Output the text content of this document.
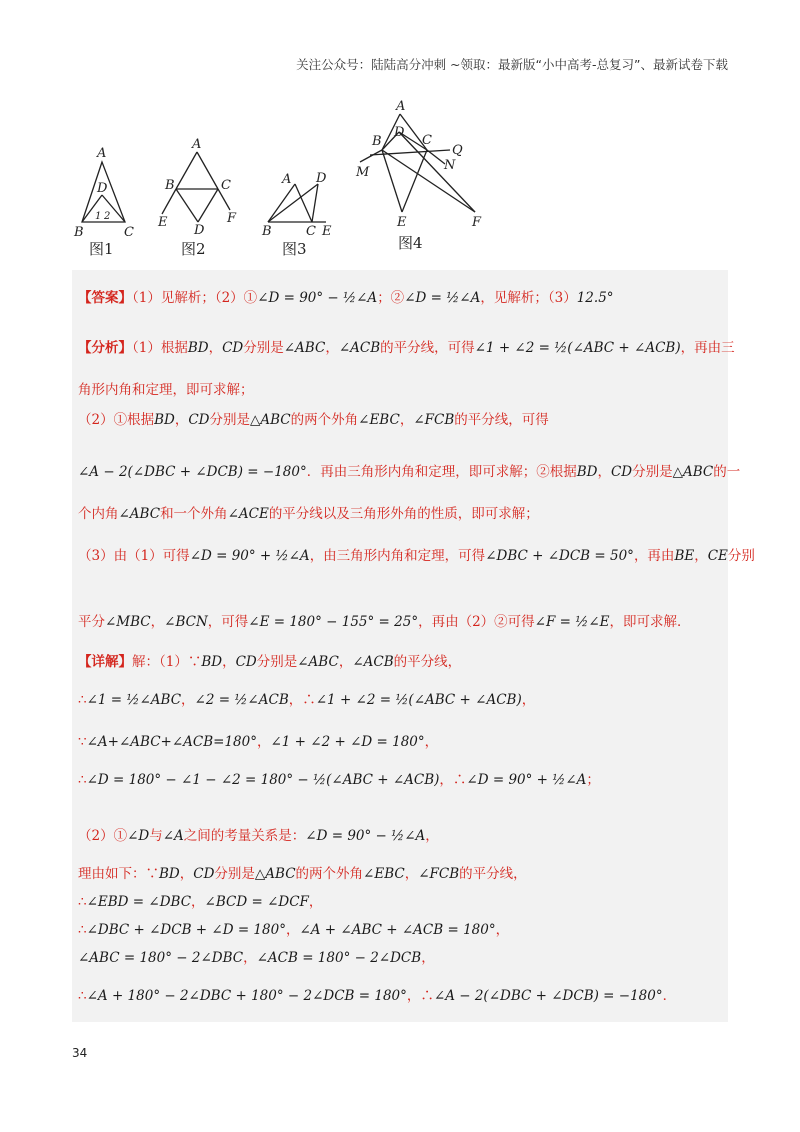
关注公众号：陆陆高分冲刺 ~领取：最新版“小中高考-总复习”、最新试卷下载
A
D
B	C
1 2
A
B	C
E
D
F
A D
B	C E
A
B
D
C
Q
N
M
E	F
图1	图2	图3	图4
【答案】（1）见解析；（2）①∠D = 90° − ½∠A；②∠D = ½∠A，见解析；（3）12.5°
【分析】（1）根据BD，CD分别是∠ABC，∠ACB的平分线，可得∠1 + ∠2 = ½(∠ABC + ∠ACB)，再由三
角形内角和定理，即可求解；
（2）①根据BD，CD分别是△ABC的两个外角∠EBC，∠FCB的平分线，可得
∠A − 2(∠DBC + ∠DCB) = −180°．再由三角形内角和定理，即可求解；②根据BD，CD分别是△ABC的一
个内角∠ABC和一个外角∠ACE的平分线以及三角形外角的性质，即可求解；
（3）由（1）可得∠D = 90° + ½∠A，由三角形内角和定理，可得∠DBC + ∠DCB = 50°，再由BE，CE分别
平分∠MBC，∠BCN，可得∠E = 180° − 155° = 25°，再由（2）②可得∠F = ½∠E，即可求解．
【详解】解：（1）∵BD，CD分别是∠ABC，∠ACB的平分线，
∴∠1 = ½∠ABC，∠2 = ½∠ACB，∴∠1 + ∠2 = ½(∠ABC + ∠ACB)，
∵∠A+∠ABC+∠ACB=180°，∠1 + ∠2 + ∠D = 180°，
∴∠D = 180° − ∠1 − ∠2 = 180° − ½(∠ABC + ∠ACB)，∴∠D = 90° + ½∠A；
（2）①∠D与∠A之间的考量关系是：∠D = 90° − ½∠A，
理由如下：∵BD，CD分别是△ABC的两个外角∠EBC，∠FCB的平分线，
∴∠EBD = ∠DBC，∠BCD = ∠DCF，
∴∠DBC + ∠DCB + ∠D = 180°，∠A + ∠ABC + ∠ACB = 180°，
∠ABC = 180° − 2∠DBC，∠ACB = 180° − 2∠DCB，
∴∠A + 180° − 2∠DBC + 180° − 2∠DCB = 180°，∴∠A − 2(∠DBC + ∠DCB) = −180°．
34
